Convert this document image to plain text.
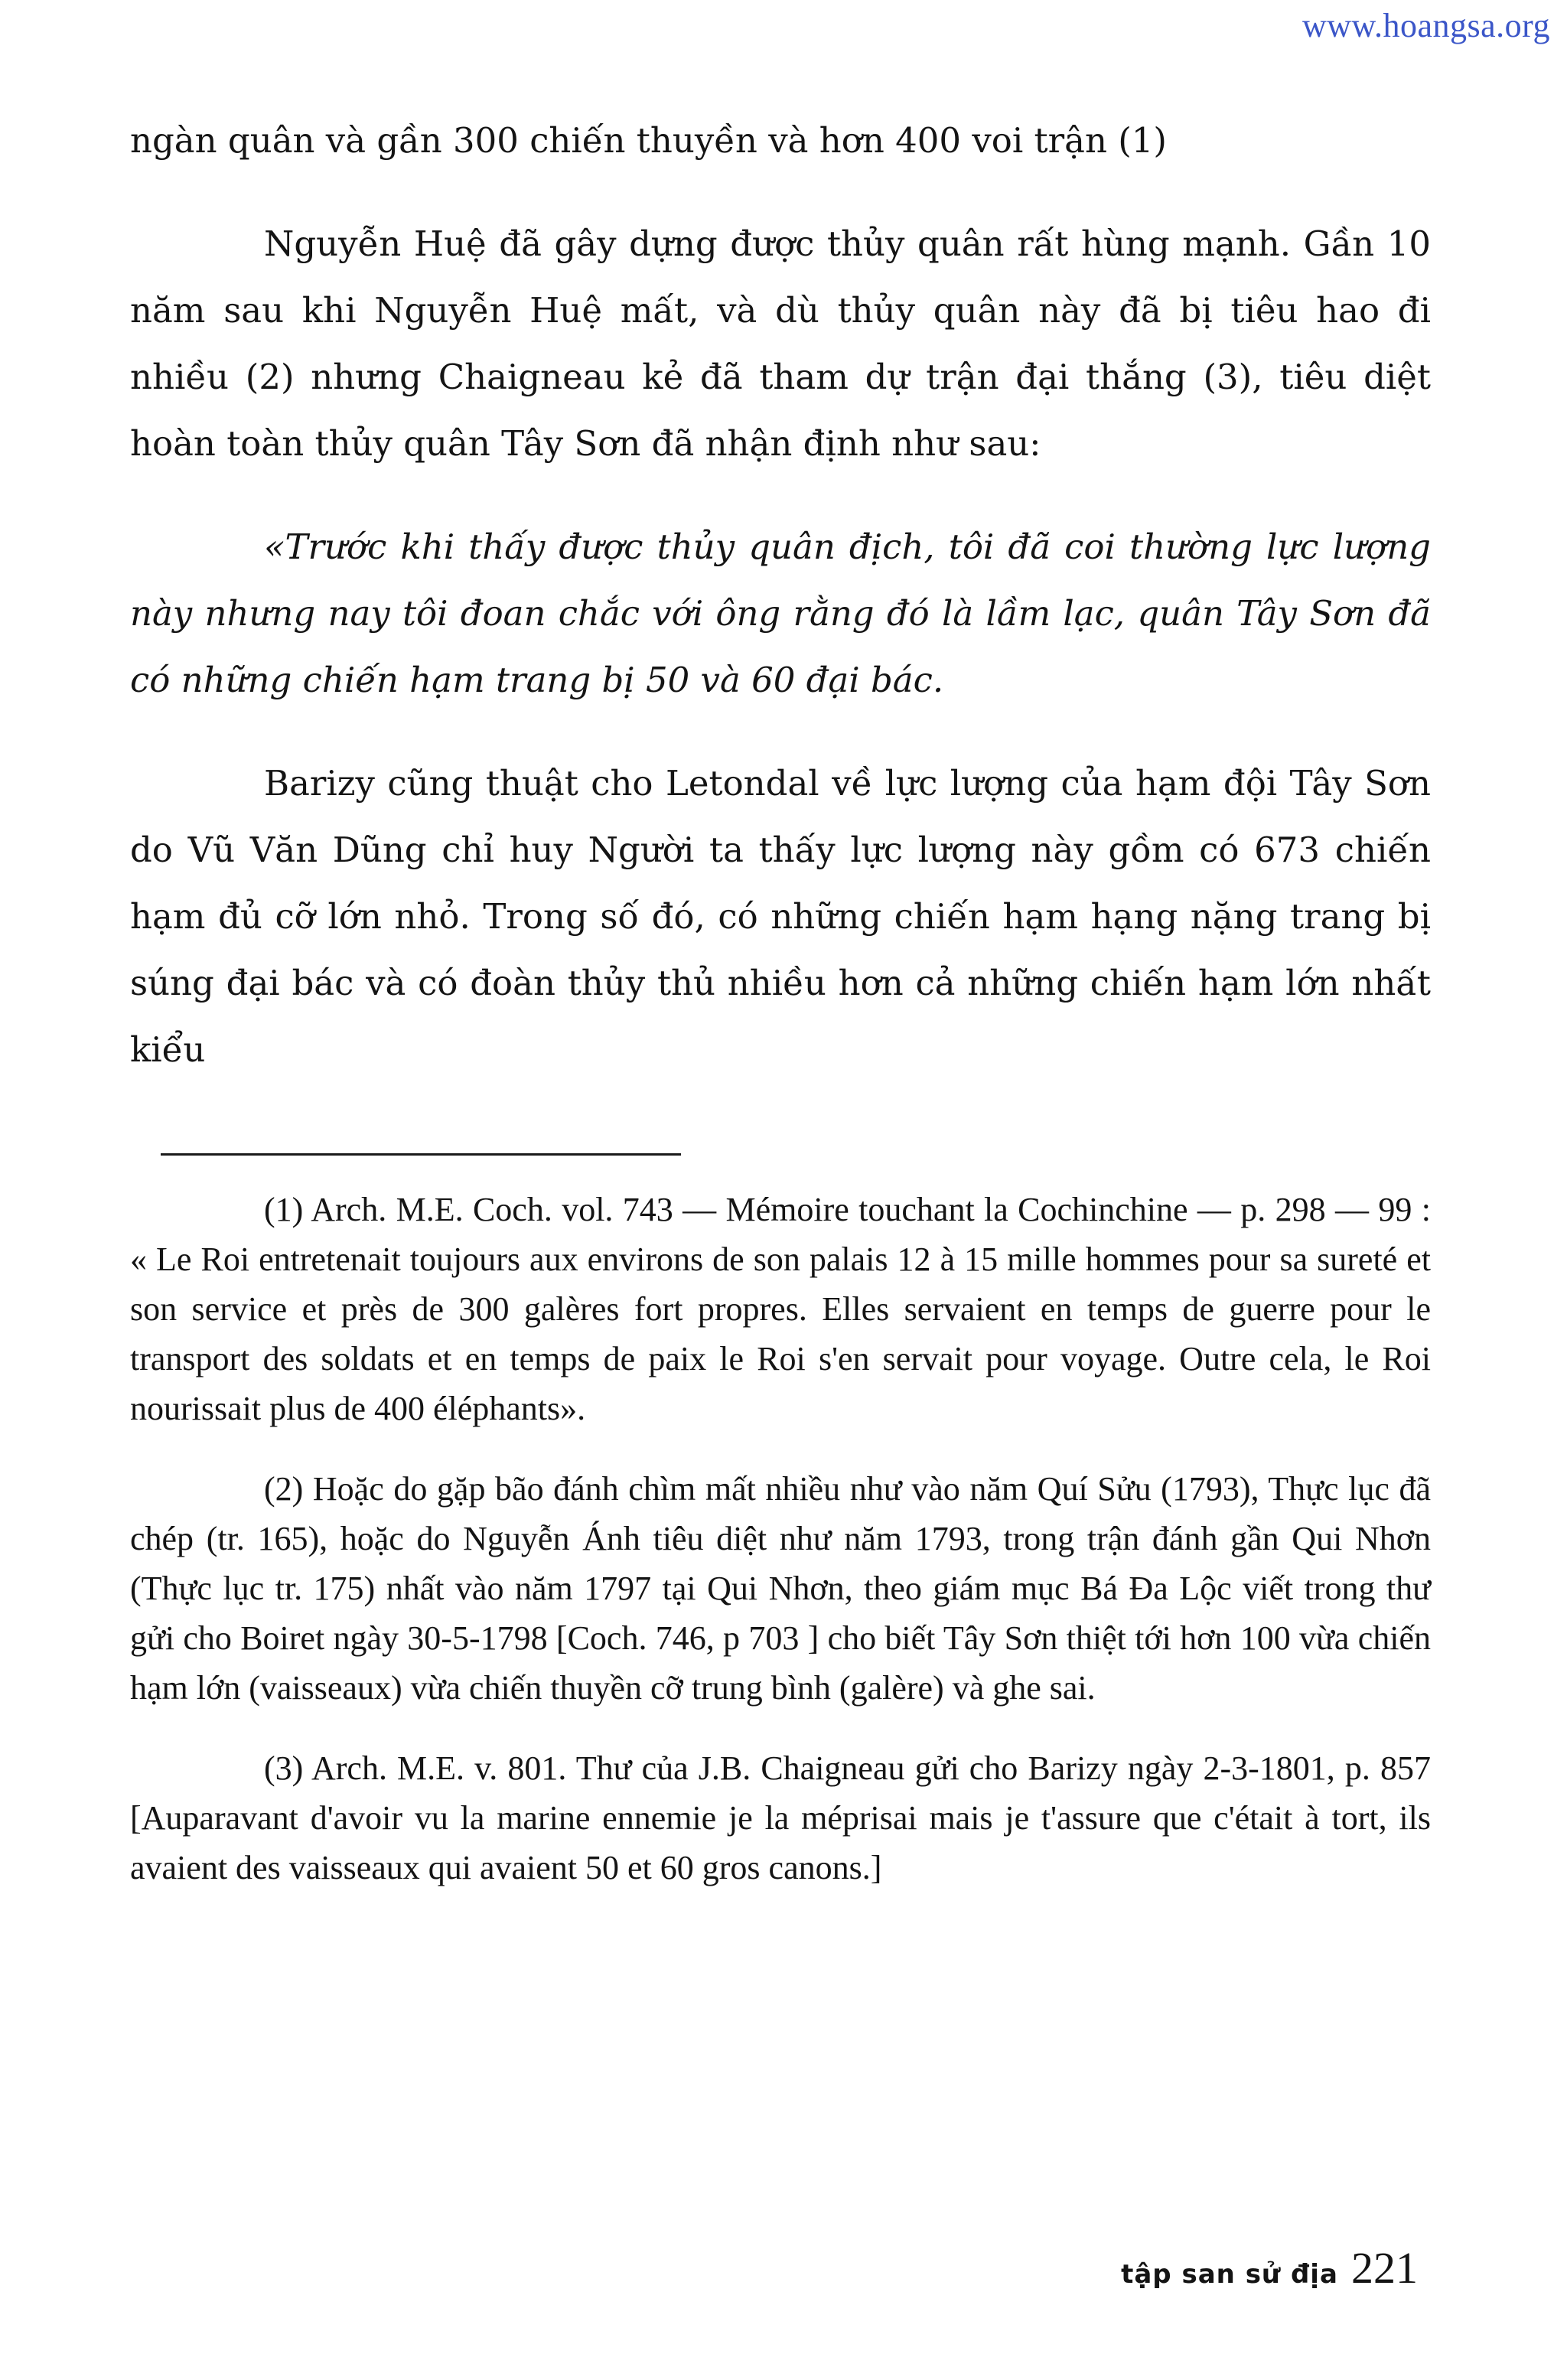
www.hoangsa.org

ngàn quân và gần 300 chiến thuyền và hơn 400 voi trận (1)

Nguyễn Huệ đã gây dựng được thủy quân rất hùng mạnh. Gần 10 năm sau khi Nguyễn Huệ mất, và dù thủy quân này đã bị tiêu hao đi nhiều (2) nhưng Chaigneau kẻ đã tham dự trận đại thắng (3), tiêu diệt hoàn toàn thủy quân Tây Sơn đã nhận định như sau:

«Trước khi thấy được thủy quân địch, tôi đã coi thường lực lượng này nhưng nay tôi đoan chắc với ông rằng đó là lầm lạc, quân Tây Sơn đã có những chiến hạm trang bị 50 và 60 đại bác.

Barizy cũng thuật cho Letondal về lực lượng của hạm đội Tây Sơn do Vũ Văn Dũng chỉ huy Người ta thấy lực lượng này gồm có 673 chiến hạm đủ cỡ lớn nhỏ. Trong số đó, có những chiến hạm hạng nặng trang bị súng đại bác và có đoàn thủy thủ nhiều hơn cả những chiến hạm lớn nhất kiểu

(1) Arch. M.E. Coch. vol. 743 — Mémoire touchant la Cochinchine — p. 298 — 99 : « Le Roi entretenait toujours aux environs de son palais 12 à 15 mille hommes pour sa sureté et son service et près de 300 galères fort propres. Elles servaient en temps de guerre pour le transport des soldats et en temps de paix le Roi s'en servait pour voyage. Outre cela, le Roi nourissait plus de 400 éléphants».

(2) Hoặc do gặp bão đánh chìm mất nhiều như vào năm Quí Sửu (1793), Thực lục đã chép (tr. 165), hoặc do Nguyễn Ánh tiêu diệt như năm 1793, trong trận đánh gần Qui Nhơn (Thực lục tr. 175) nhất vào năm 1797 tại Qui Nhơn, theo giám mục Bá Đa Lộc viết trong thư gửi cho Boiret ngày 30-5-1798 [Coch. 746, p 703 ] cho biết Tây Sơn thiệt tới hơn 100 vừa chiến hạm lớn (vaisseaux) vừa chiến thuyền cỡ trung bình (galère) và ghe sai.

(3) Arch. M.E. v. 801. Thư của J.B. Chaigneau gửi cho Barizy ngày 2-3-1801, p. 857 [Auparavant d'avoir vu la marine ennemie je la méprisai mais je t'assure que c'était à tort, ils avaient des vaisseaux qui avaient 50 et 60 gros canons.]

tập san sử địa 221
